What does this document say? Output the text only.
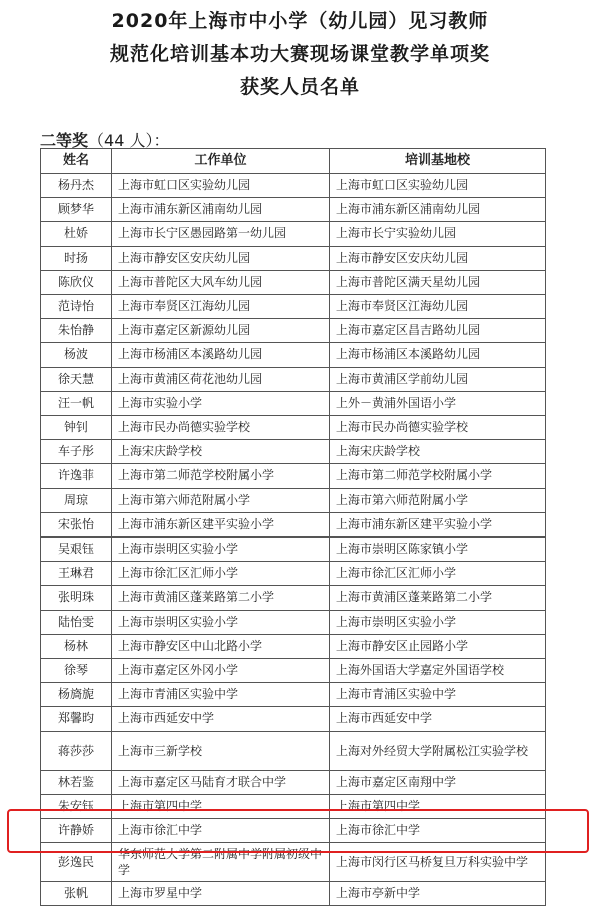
2020年上海市中小学（幼儿园）见习教师
规范化培训基本功大赛现场课堂教学单项奖
获奖人员名单
二等奖（44 人）：
姓名	工作单位	培训基地校
杨丹杰	上海市虹口区实验幼儿园	上海市虹口区实验幼儿园
顾梦华	上海市浦东新区浦南幼儿园	上海市浦东新区浦南幼儿园
杜娇	上海市长宁区愚园路第一幼儿园	上海市长宁实验幼儿园
时扬	上海市静安区安庆幼儿园	上海市静安区安庆幼儿园
陈欣仪	上海市普陀区大风车幼儿园	上海市普陀区满天星幼儿园
范诗怡	上海市奉贤区江海幼儿园	上海市奉贤区江海幼儿园
朱怡静	上海市嘉定区新源幼儿园	上海市嘉定区昌吉路幼儿园
杨波	上海市杨浦区本溪路幼儿园	上海市杨浦区本溪路幼儿园
徐天慧	上海市黄浦区荷花池幼儿园	上海市黄浦区学前幼儿园
汪一帆	上海市实验小学	上外－黄浦外国语小学
钟钊	上海市民办尚德实验学校	上海市民办尚德实验学校
车子彤	上海宋庆龄学校	上海宋庆龄学校
许逸菲	上海市第二师范学校附属小学	上海市第二师范学校附属小学
周琼	上海市第六师范附属小学	上海市第六师范附属小学
宋张怡	上海市浦东新区建平实验小学	上海市浦东新区建平实验小学
吴艰钰	上海市崇明区实验小学	上海市崇明区陈家镇小学
王琳君	上海市徐汇区汇师小学	上海市徐汇区汇师小学
张明珠	上海市黄浦区蓬莱路第二小学	上海市黄浦区蓬莱路第二小学
陆怡雯	上海市崇明区实验小学	上海市崇明区实验小学
杨林	上海市静安区中山北路小学	上海市静安区止园路小学
徐琴	上海市嘉定区外冈小学	上海外国语大学嘉定外国语学校
杨旖旎	上海市青浦区实验中学	上海市青浦区实验中学
郑馨昀	上海市西延安中学	上海市西延安中学
蒋莎莎	上海市三新学校	上海对外经贸大学附属松江实验学校
林若鉴	上海市嘉定区马陆育才联合中学	上海市嘉定区南翔中学
朱安钰	上海市第四中学	上海市第四中学
许静娇	上海市徐汇中学	上海市徐汇中学
彭逸民	华东师范大学第二附属中学附属初级中学	上海市闵行区马桥复旦万科实验中学
张帆	上海市罗星中学	上海市亭新中学
